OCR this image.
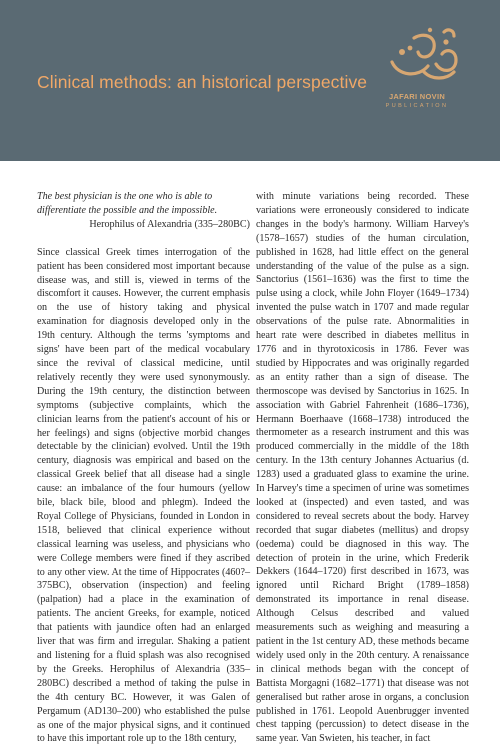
Clinical methods: an historical perspective
JAFARI NOVIN
PUBLICATION

The best physician is the one who is able to differentiate the possible and the impossible.

Herophilus of Alexandria (335–280BC)

Since classical Greek times interrogation of the patient has been considered most important because disease was, and still is, viewed in terms of the discomfort it causes. However, the current emphasis on the use of history taking and physical examination for diagnosis developed only in the 19th century. Although the terms 'symptoms and signs' have been part of the medical vocabulary since the revival of classical medicine, until relatively recently they were used synonymously. During the 19th century, the distinction between symptoms (subjective complaints, which the clinician learns from the patient's account of his or her feelings) and signs (objective morbid changes detectable by the clinician) evolved. Until the 19th century, diagnosis was empirical and based on the classical Greek belief that all disease had a single cause: an imbalance of the four humours (yellow bile, black bile, blood and phlegm). Indeed the Royal College of Physicians, founded in London in 1518, believed that clinical experience without classical learning was useless, and physicians who were College members were fined if they ascribed to any other view. At the time of Hippocrates (460?–375BC), observation (inspection) and feeling (palpation) had a place in the examination of patients. The ancient Greeks, for example, noticed that patients with jaundice often had an enlarged liver that was firm and irregular. Shaking a patient and listening for a fluid splash was also recognised by the Greeks. Herophilus of Alexandria (335–280BC) described a method of taking the pulse in the 4th century BC. However, it was Galen of Pergamum (AD130–200) who established the pulse as one of the major physical signs, and it continued to have this important role up to the 18th century,

with minute variations being recorded. These variations were erroneously considered to indicate changes in the body's harmony. William Harvey's (1578–1657) studies of the human circulation, published in 1628, had little effect on the general understanding of the value of the pulse as a sign. Sanctorius (1561–1636) was the first to time the pulse using a clock, while John Floyer (1649–1734) invented the pulse watch in 1707 and made regular observations of the pulse rate. Abnormalities in heart rate were described in diabetes mellitus in 1776 and in thyrotoxicosis in 1786. Fever was studied by Hippocrates and was originally regarded as an entity rather than a sign of disease. The thermoscope was devised by Sanctorius in 1625. In association with Gabriel Fahrenheit (1686–1736), Hermann Boerhaave (1668–1738) introduced the thermometer as a research instrument and this was produced commercially in the middle of the 18th century. In the 13th century Johannes Actuarius (d. 1283) used a graduated glass to examine the urine. In Harvey's time a specimen of urine was sometimes looked at (inspected) and even tasted, and was considered to reveal secrets about the body. Harvey recorded that sugar diabetes (mellitus) and dropsy (oedema) could be diagnosed in this way. The detection of protein in the urine, which Frederik Dekkers (1644–1720) first described in 1673, was ignored until Richard Bright (1789–1858) demonstrated its importance in renal disease. Although Celsus described and valued measurements such as weighing and measuring a patient in the 1st century AD, these methods became widely used only in the 20th century. A renaissance in clinical methods began with the concept of Battista Morgagni (1682–1771) that disease was not generalised but rather arose in organs, a conclusion published in 1761. Leopold Auenbrugger invented chest tapping (percussion) to detect disease in the same year. Van Swieten, his teacher, in fact
